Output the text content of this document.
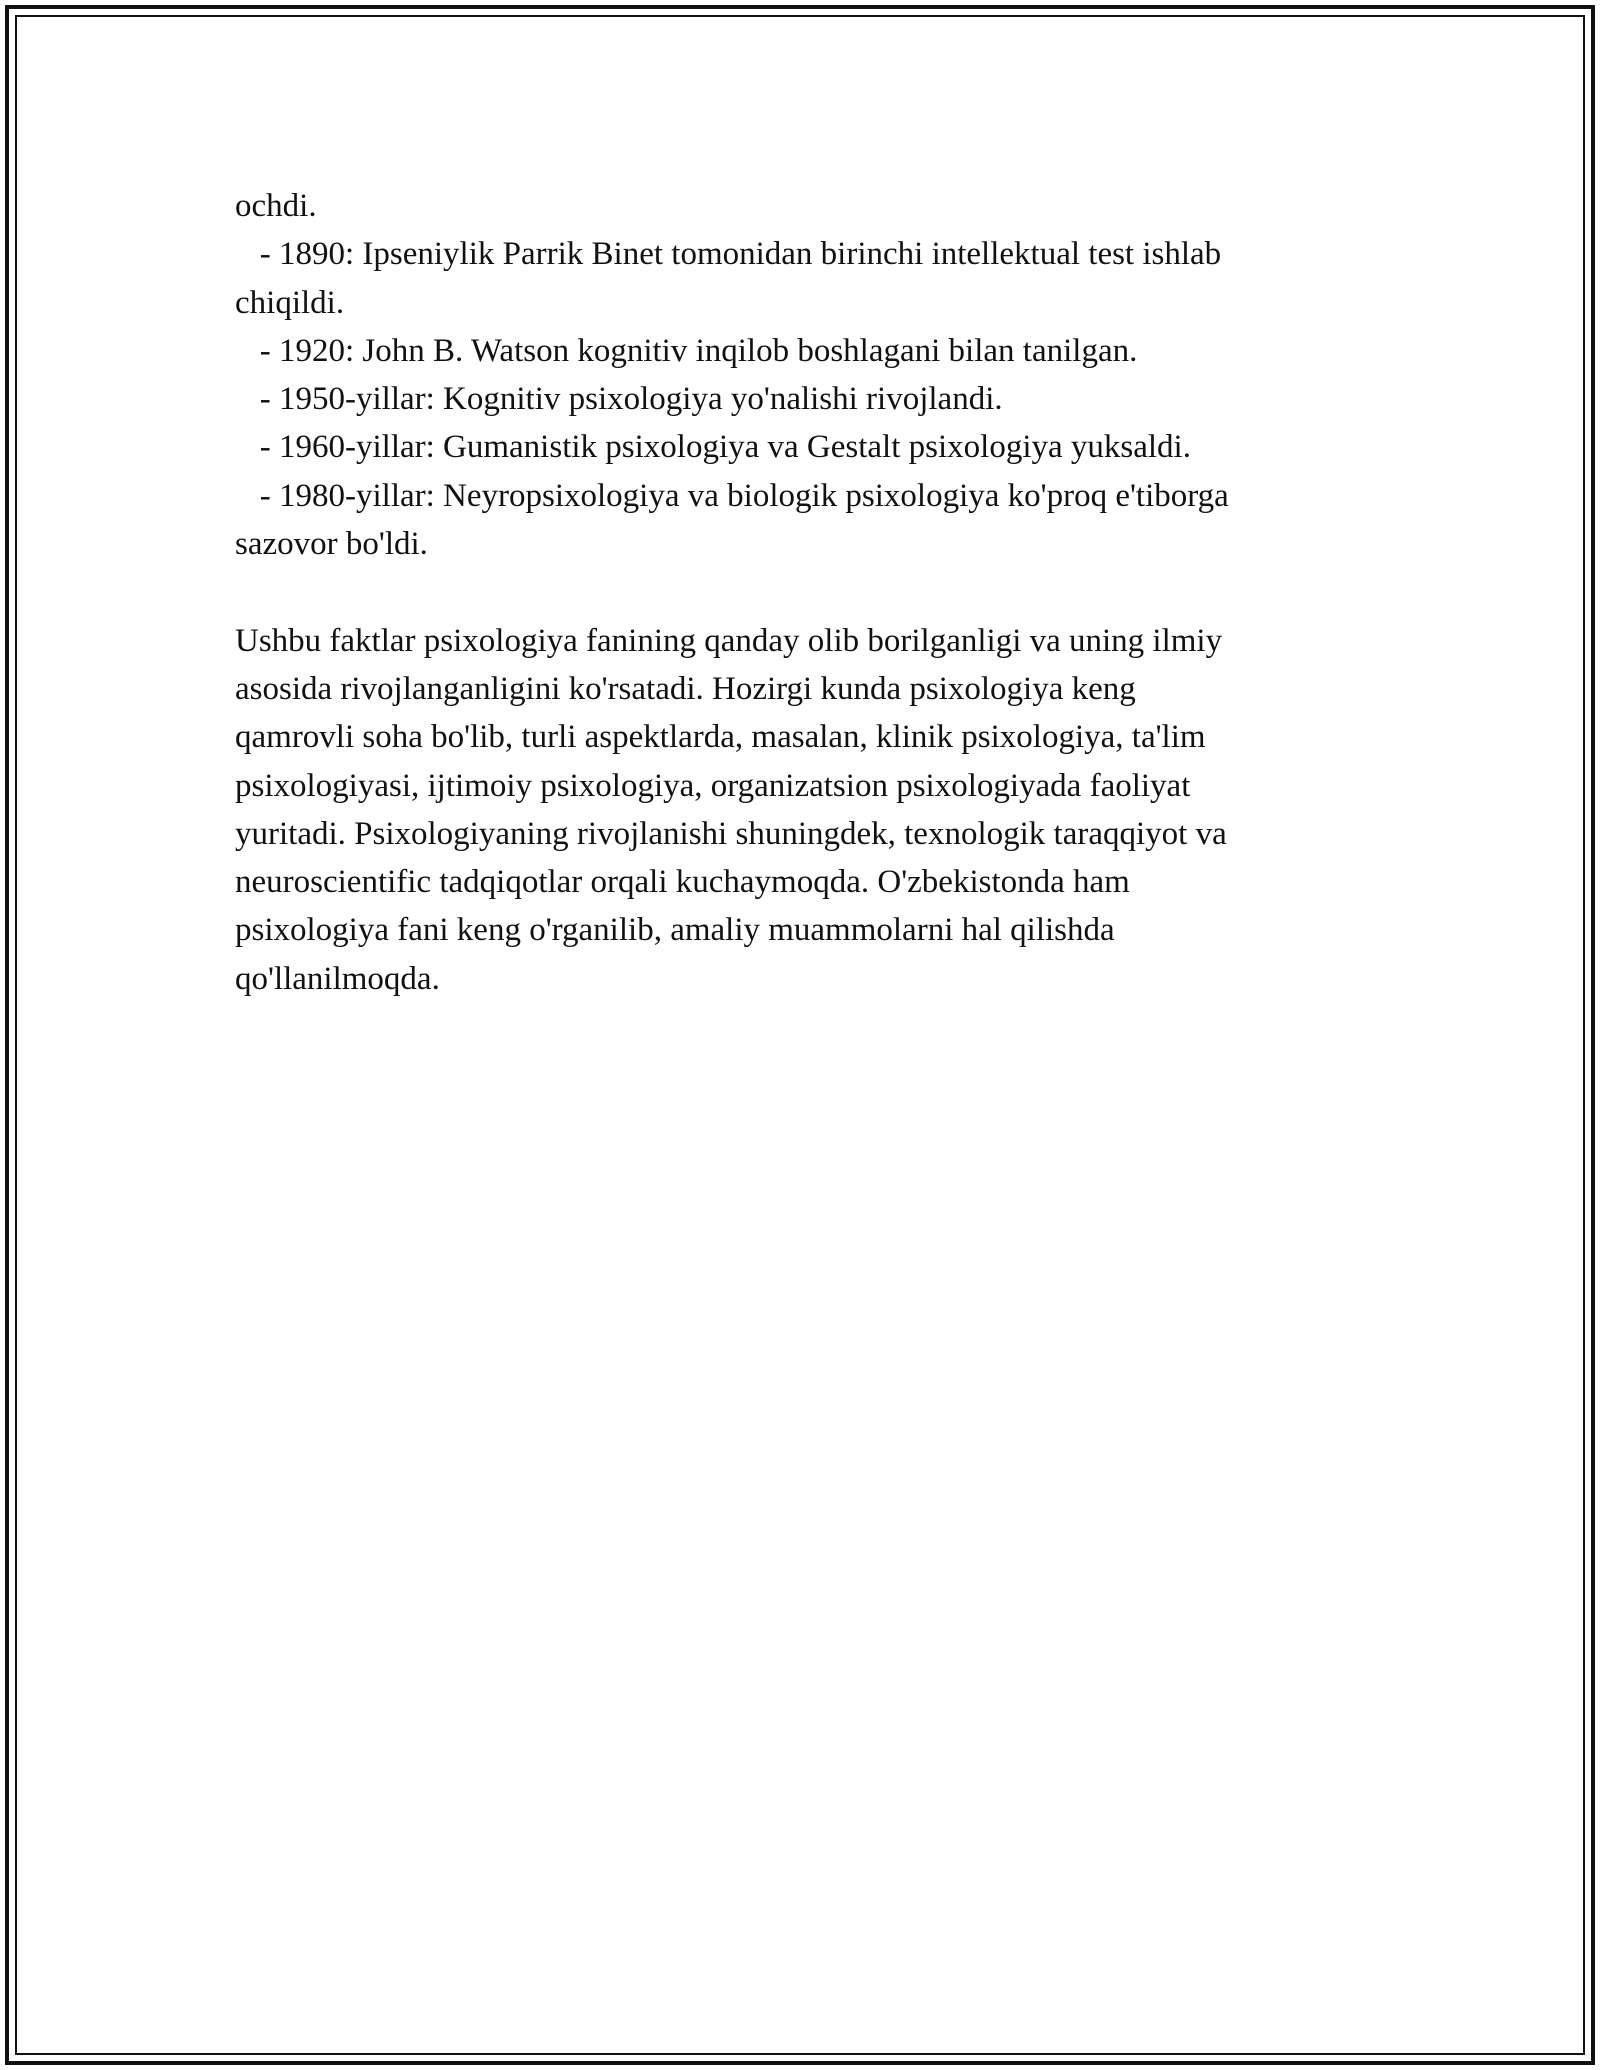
ochdi.
- 1890: Ipseniylik Parrik Binet tomonidan birinchi intellektual test ishlab
chiqildi.
- 1920: John B. Watson kognitiv inqilob boshlagani bilan tanilgan.
- 1950-yillar: Kognitiv psixologiya yo'nalishi rivojlandi.
- 1960-yillar: Gumanistik psixologiya va Gestalt psixologiya yuksaldi.
- 1980-yillar: Neyropsixologiya va biologik psixologiya ko'proq e'tiborga
sazovor bo'ldi.
Ushbu faktlar psixologiya fanining qanday olib borilganligi va uning ilmiy
asosida rivojlanganligini ko'rsatadi. Hozirgi kunda psixologiya keng
qamrovli soha bo'lib, turli aspektlarda, masalan, klinik psixologiya, ta'lim
psixologiyasi, ijtimoiy psixologiya, organizatsion psixologiyada faoliyat
yuritadi. Psixologiyaning rivojlanishi shuningdek, texnologik taraqqiyot va
neuroscientific tadqiqotlar orqali kuchaymoqda. O'zbekistonda ham
psixologiya fani keng o'rganilib, amaliy muammolarni hal qilishda
qo'llanilmoqda.
